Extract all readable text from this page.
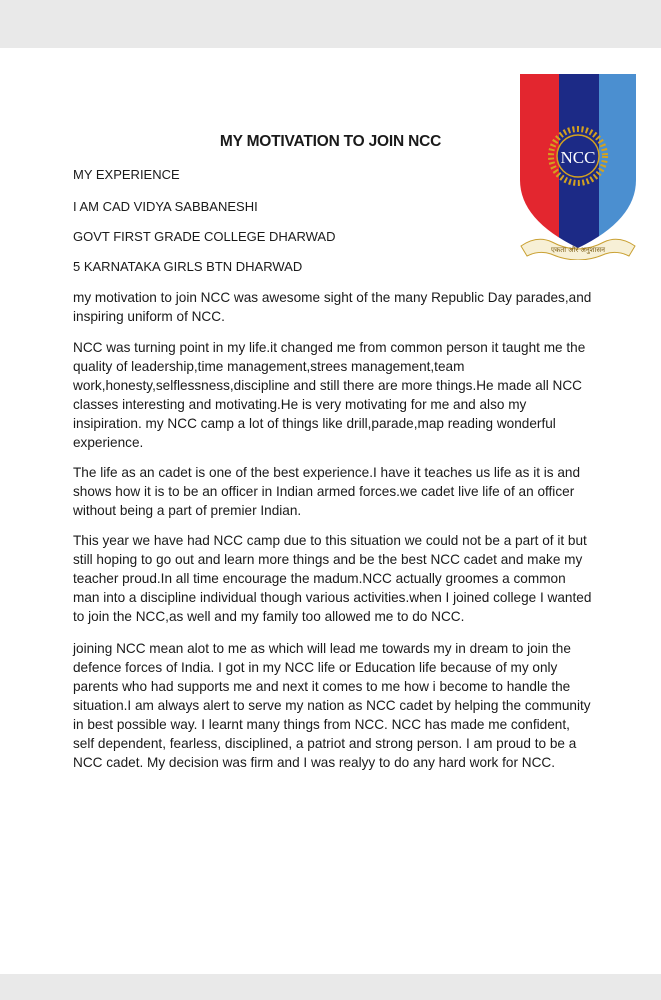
NCC
एकता और अनुशासन
MY MOTIVATION TO JOIN NCC
MY EXPERIENCE
I AM CAD VIDYA SABBANESHI
GOVT FIRST GRADE COLLEGE DHARWAD
5 KARNATAKA GIRLS BTN DHARWAD

my motivation to join NCC was awesome sight of the many Republic Day parades,and inspiring uniform of NCC.

NCC was turning point in my life.it changed me from common person it taught me the quality of leadership,time management,strees management,team work,honesty,selflessness,discipline and still there are more things.He made all NCC classes interesting and motivating.He is very motivating for me and also my insipiration. my NCC camp a lot of things like drill,parade,map reading wonderful experience.

The life as an cadet is one of the best experience.I have it teaches us life as it is and shows how it is to be an officer in Indian armed forces.we cadet live life of an officer without being a part of premier Indian.

This year we have had NCC camp due to this situation we could not be a part of it but still hoping to go out and learn more things and be the best NCC cadet and make my teacher proud.In all time encourage the madum.NCC actually groomes a common man into a discipline individual though various activities.when I joined college I wanted to join the NCC,as well and my family too allowed me to do NCC.

joining NCC mean alot to me as which will lead me towards my in dream to join the defence forces of India. I got in my NCC life or Education life because of my only parents who had supports me and next it comes to me how i become to handle the situation.I am always alert to serve my nation as NCC cadet by helping the community in best possible way. I learnt many things from NCC. NCC has made me confident, self dependent, fearless, disciplined, a patriot and strong person. I am proud to be a NCC cadet. My decision was firm and I was realyy to do any hard work for NCC.
